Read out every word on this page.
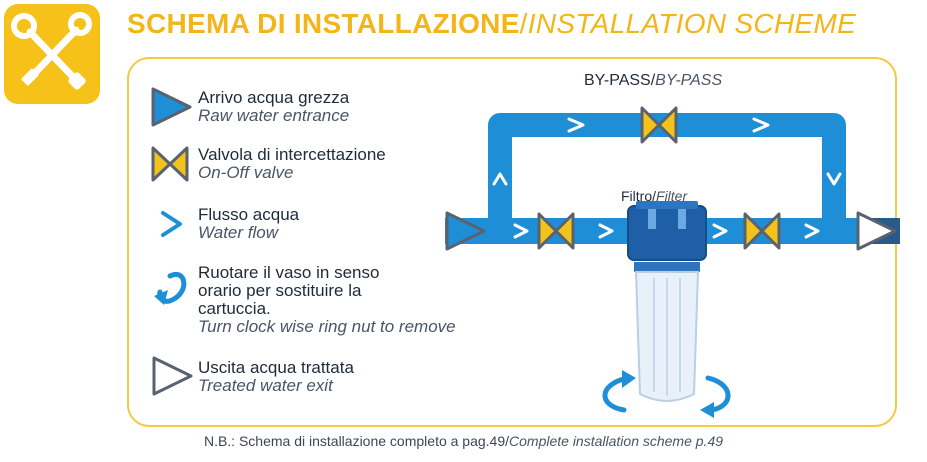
SCHEMA DI INSTALLAZIONE/INSTALLATION SCHEME
Arrivo acqua grezza
Raw water entrance
Valvola di intercettazione
On-Off valve
Flusso acqua
Water flow
Ruotare il vaso in senso orario per sostituire la cartuccia.
Turn clock wise ring nut to remove
Uscita acqua trattata
Treated water exit
BY-PASS/BY-PASS
Filtro/Filter
N.B.: Schema di installazione completo a pag.49/Complete installation scheme p.49
